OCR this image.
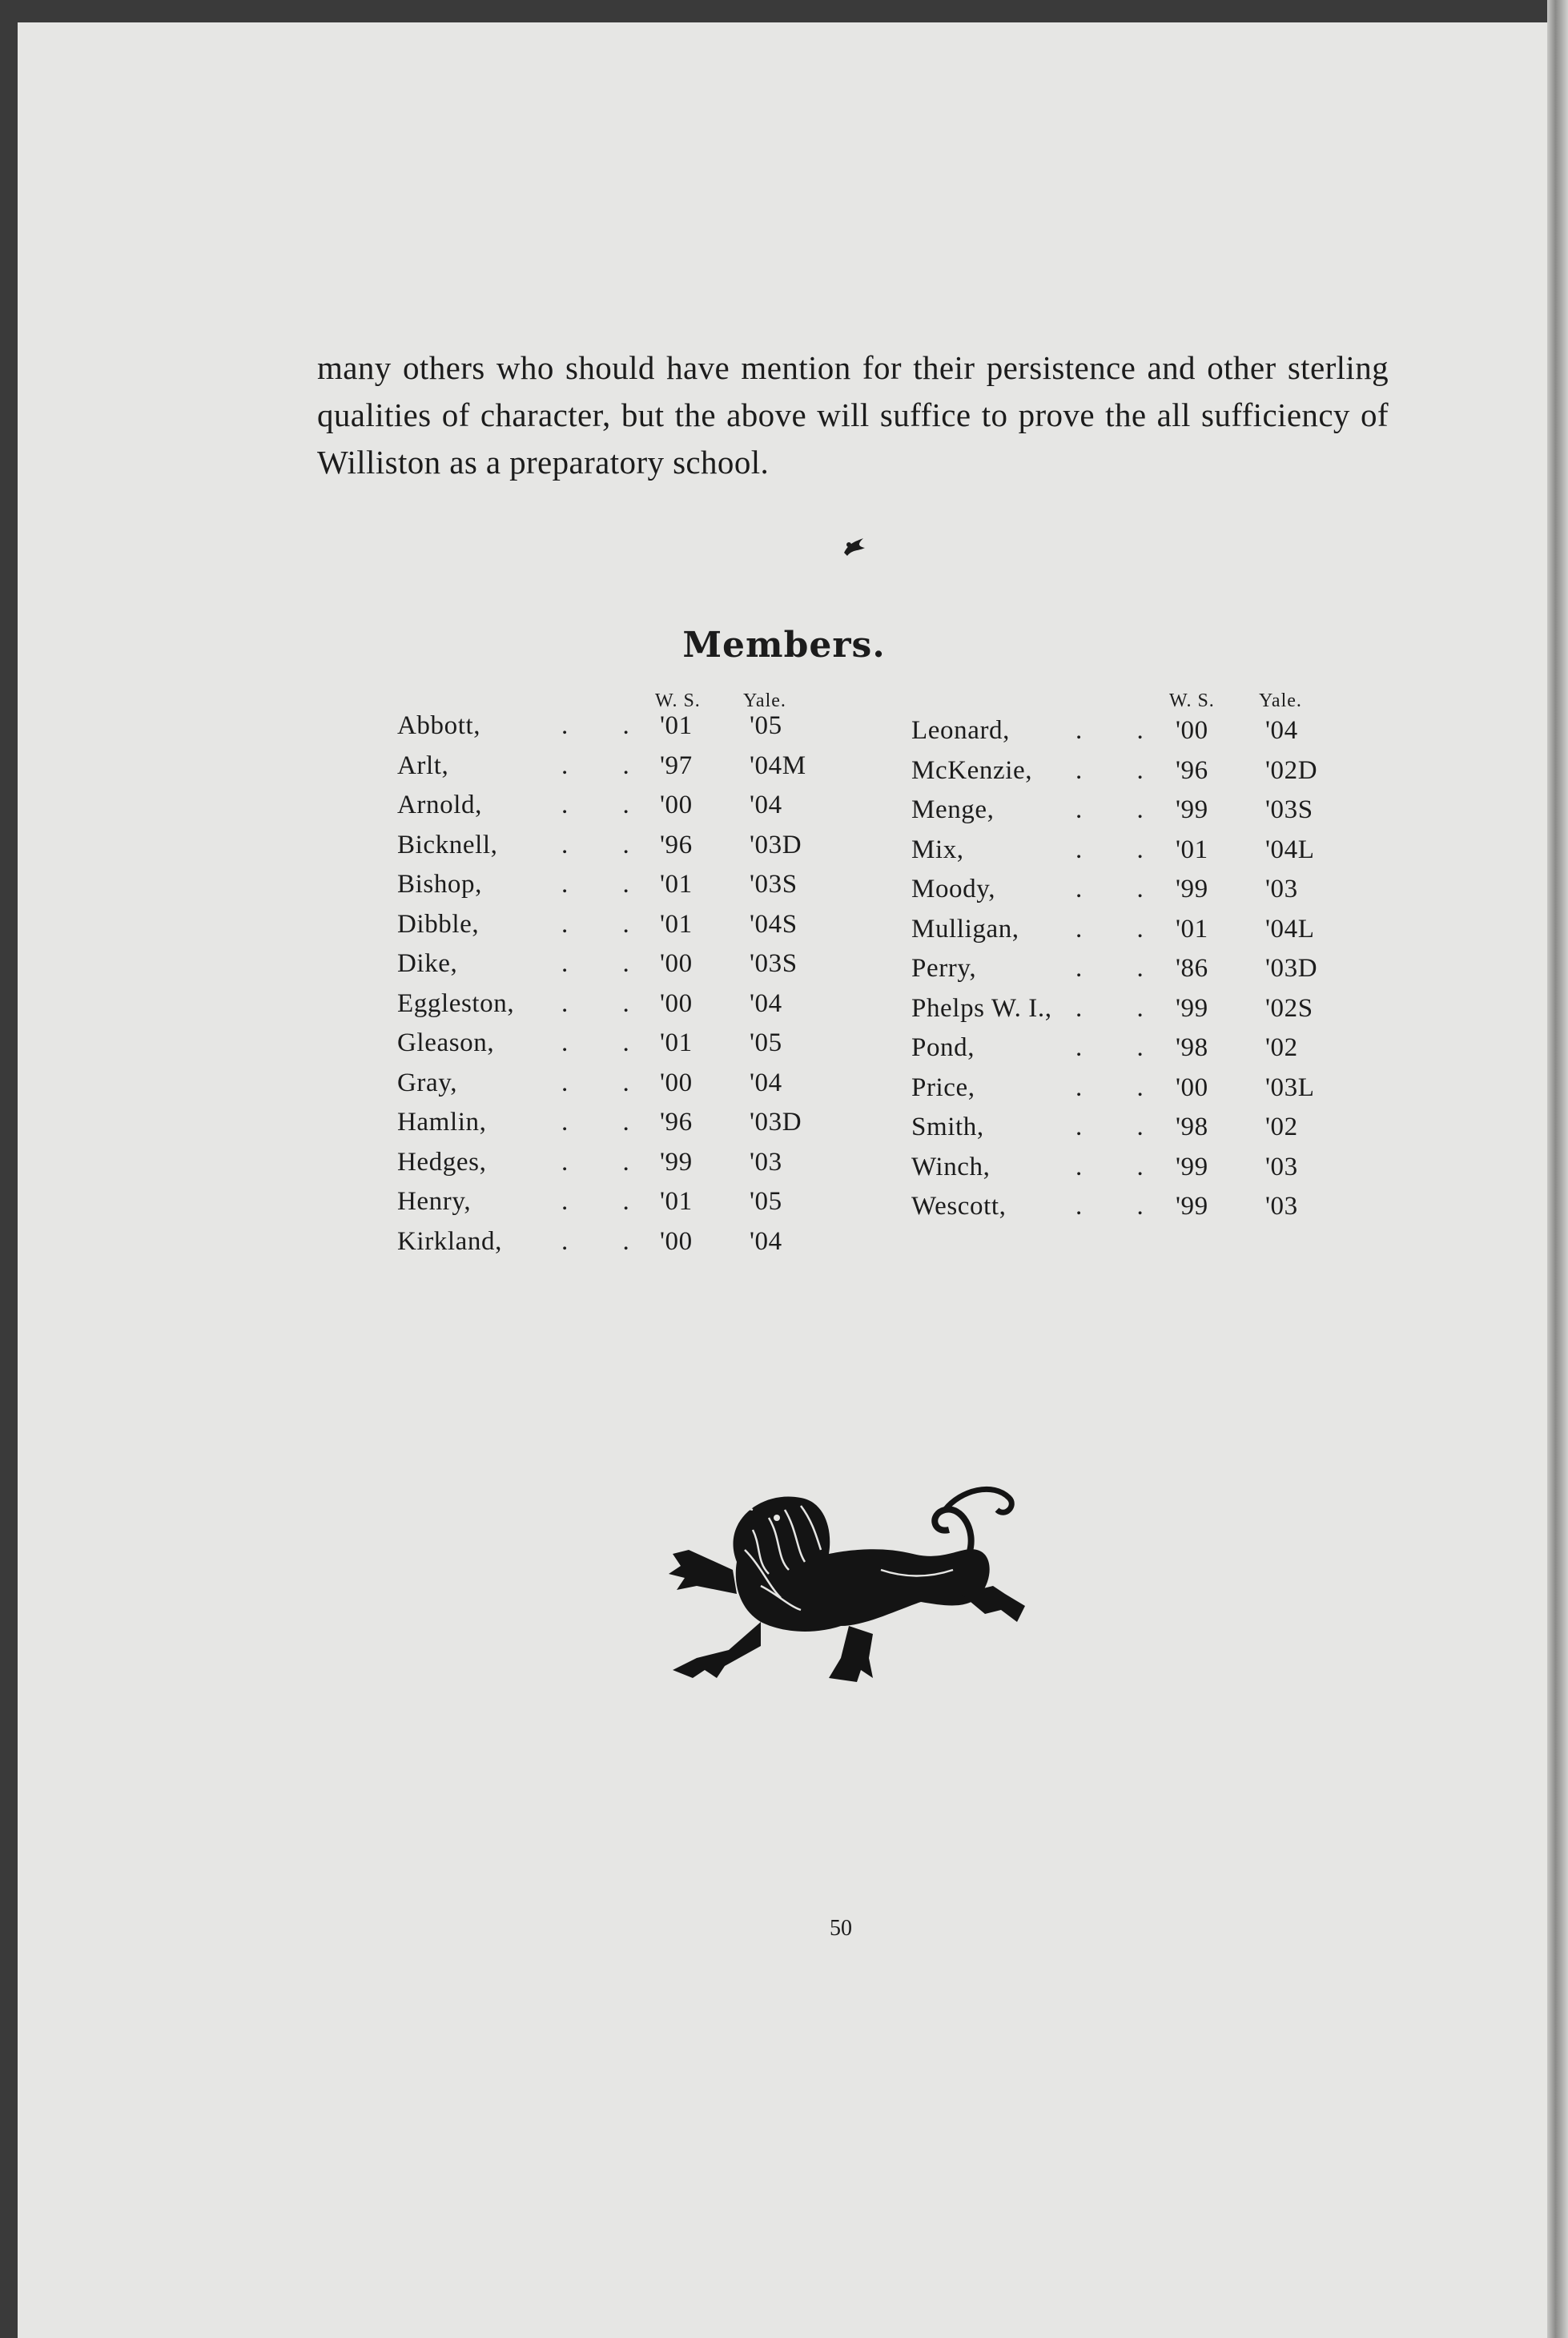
many others who should have mention for their persistence and other sterling qualities of character, but the above will suffice to prove the all sufficiency of Williston as a preparatory school.

Members.
W. S. Yale.	W. S. Yale.
Abbott,	. . '01 '05
Arlt,	. . '97 '04M
Arnold,	. . '00 '04
Bicknell, . . '96 '03D
Bishop,	. . '01 '03S
Dibble,	. . '01 '04S
Dike,	. . '00 '03S
Eggleston, . . '00 '04
Gleason,	. . '01 '05
Gray,	. . '00 '04
Hamlin,	. . '96 '03D
Hedges,	. . '99 '03
Henry,	. . '01 '05
Kirkland, . . '00 '04
Leonard, . . '00 '04
McKenzie, . . '96 '02D
Menge,	. . '99 '03S
Mix,	. . '01 '04L
Moody,	. . '99 '03
Mulligan, . . '01 '04L
Perry,	. . '86 '03D
Phelps W. I., . . '99 '02S
Pond,	. . '98 '02
Price,	. . '00 '03L
Smith,	. . '98 '02
Winch,	. . '99 '03
Wescott,	. . '99 '03
50
